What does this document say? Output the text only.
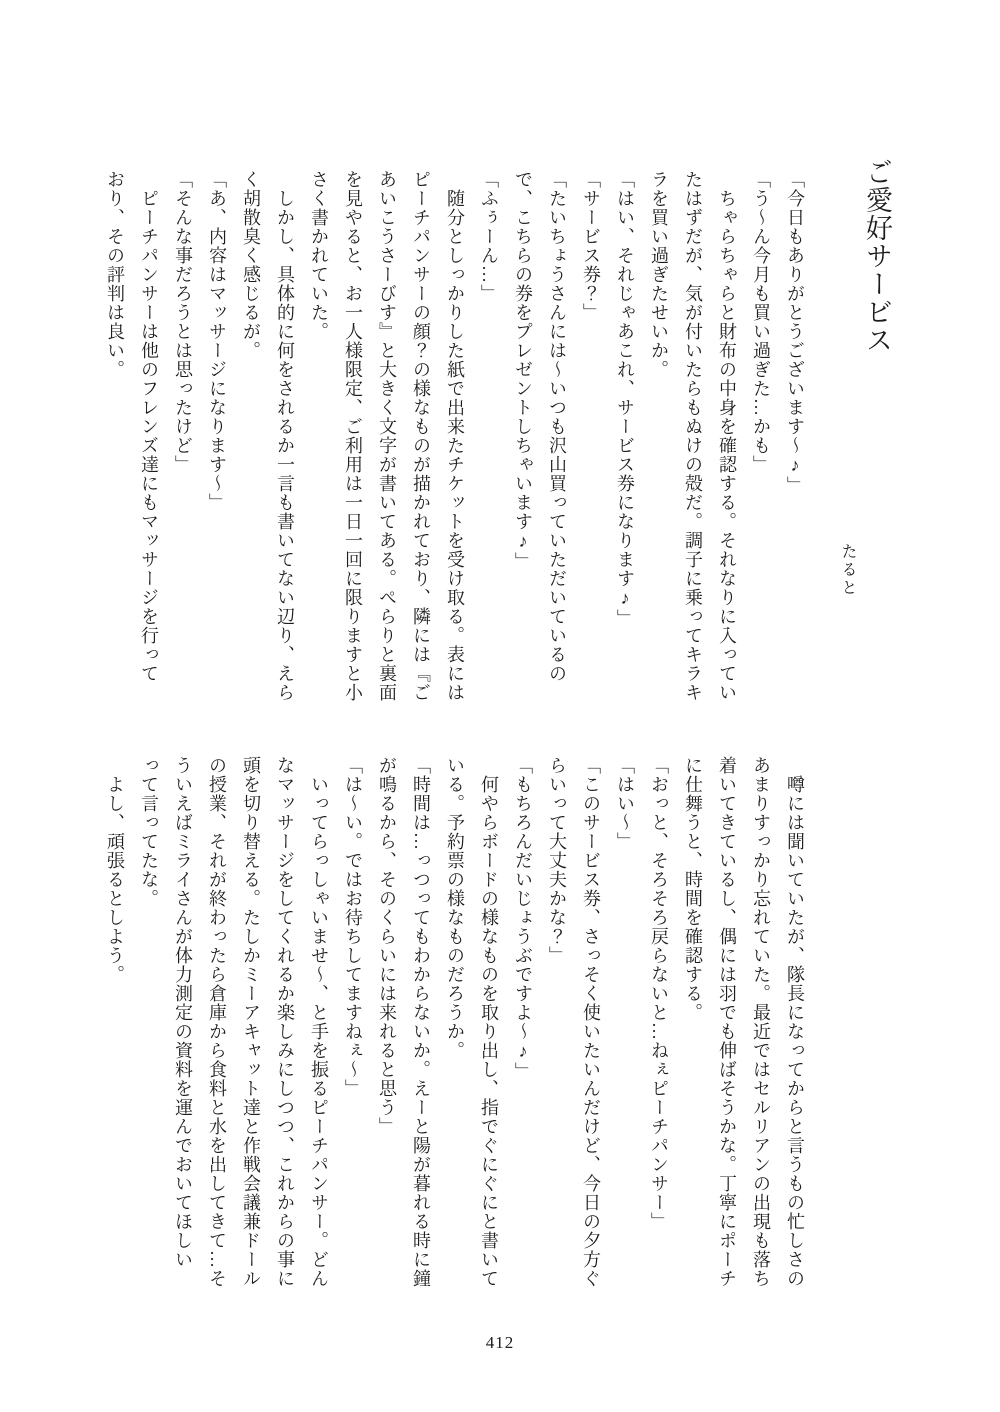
ご愛好サービス
たると
「今日もありがとうございます～♪」
「う～ん今月も買い過ぎた…かも」
ちゃらちゃらと財布の中身を確認する。それなりに入ってい
たはずだが、気が付いたらもぬけの殻だ。調子に乗ってキラキ
ラを買い過ぎたせいか。
「はい、それじゃあこれ、サービス券になります♪」
「サービス券？」
「たいちょうさんには～いつも沢山買っていただいているの
で、こちらの券をプレゼントしちゃいます♪」
「ふぅーん…」
随分としっかりした紙で出来たチケットを受け取る。表には
ピーチパンサーの顔？の様なものが描かれており、隣には『ご
あいこうさーびす』と大きく文字が書いてある。ぺらりと裏面
を見やると、お一人様限定、ご利用は一日一回に限りますと小
さく書かれていた。
しかし、具体的に何をされるか一言も書いてない辺り、えら
く胡散臭く感じるが。
「あ、内容はマッサージになります～」
「そんな事だろうとは思ったけど」
ピーチパンサーは他のフレンズ達にもマッサージを行って
おり、その評判は良い。
噂には聞いていたが、隊長になってからと言うもの忙しさの
あまりすっかり忘れていた。最近ではセルリアンの出現も落ち
着いてきているし、偶には羽でも伸ばそうかな。丁寧にポーチ
に仕舞うと、時間を確認する。
「おっと、そろそろ戻らないと…ねぇピーチパンサー」
「はい～」
「このサービス券、さっそく使いたいんだけど、今日の夕方ぐ
らいって大丈夫かな？」
「もちろんだいじょうぶですよ～♪」
何やらボードの様なものを取り出し、指でぐにぐにと書いて
いる。予約票の様なものだろうか。
「時間は…っつってもわからないか。えーと陽が暮れる時に鐘
が鳴るから、そのくらいには来れると思う」
「は～い。ではお待ちしてますねぇ～」
いってらっしゃいませ～、と手を振るピーチパンサー。どん
なマッサージをしてくれるか楽しみにしつつ、これからの事に
頭を切り替える。たしかミーアキャット達と作戦会議兼ドール
の授業、それが終わったら倉庫から食料と水を出してきて…そ
ういえばミライさんが体力測定の資料を運んでおいてほしい
って言ってたな。
よし、頑張るとしよう。
412
